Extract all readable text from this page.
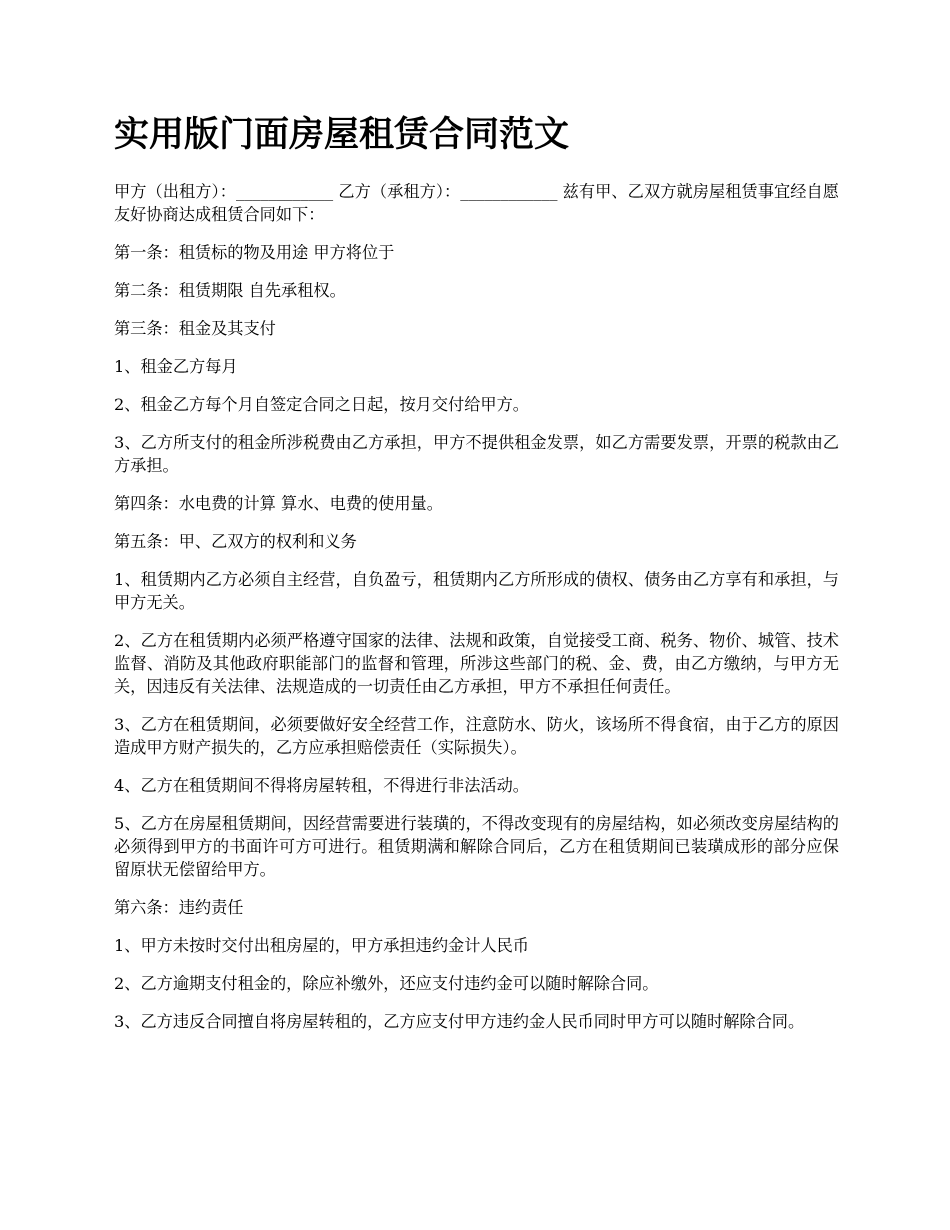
实用版门面房屋租赁合同范文

甲方（出租方）：____________ 乙方（承租方）：____________ 兹有甲、乙双方就房屋租赁事宜经自愿友好协商达成租赁合同如下：

第一条：租赁标的物及用途 甲方将位于

第二条：租赁期限 自先承租权。

第三条：租金及其支付

1、租金乙方每月

2、租金乙方每个月自签定合同之日起，按月交付给甲方。

3、乙方所支付的租金所涉税费由乙方承担，甲方不提供租金发票，如乙方需要发票，开票的税款由乙方承担。

第四条：水电费的计算 算水、电费的使用量。

第五条：甲、乙双方的权利和义务

1、租赁期内乙方必须自主经营，自负盈亏，租赁期内乙方所形成的债权、债务由乙方享有和承担，与甲方无关。

2、乙方在租赁期内必须严格遵守国家的法律、法规和政策，自觉接受工商、税务、物价、城管、技术监督、消防及其他政府职能部门的监督和管理，所涉这些部门的税、金、费，由乙方缴纳，与甲方无关，因违反有关法律、法规造成的一切责任由乙方承担，甲方不承担任何责任。

3、乙方在租赁期间，必须要做好安全经营工作，注意防水、防火，该场所不得食宿，由于乙方的原因造成甲方财产损失的，乙方应承担赔偿责任（实际损失）。

4、乙方在租赁期间不得将房屋转租，不得进行非法活动。

5、乙方在房屋租赁期间，因经营需要进行装璜的，不得改变现有的房屋结构，如必须改变房屋结构的必须得到甲方的书面许可方可进行。租赁期满和解除合同后，乙方在租赁期间已装璜成形的部分应保留原状无偿留给甲方。

第六条：违约责任

1、甲方未按时交付出租房屋的，甲方承担违约金计人民币

2、乙方逾期支付租金的，除应补缴外，还应支付违约金可以随时解除合同。

3、乙方违反合同擅自将房屋转租的，乙方应支付甲方违约金人民币同时甲方可以随时解除合同。
